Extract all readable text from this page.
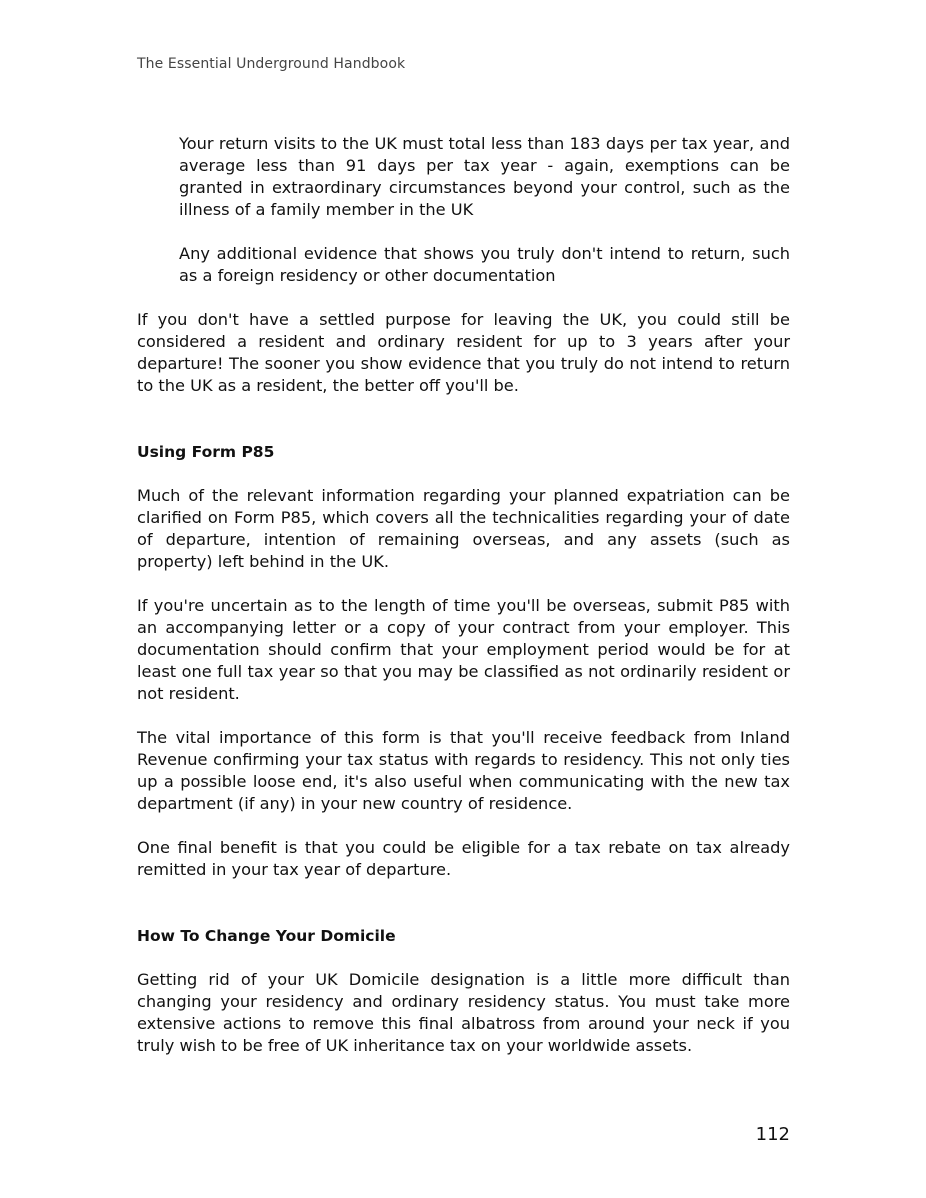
The Essential Underground Handbook

Your return visits to the UK must total less than 183 days per tax year, and average less than 91 days per tax year - again, exemptions can be granted in extraordinary circumstances beyond your control, such as the illness of a family member in the UK

Any additional evidence that shows you truly don't intend to return, such as a foreign residency or other documentation

If you don't have a settled purpose for leaving the UK, you could still be considered a resident and ordinary resident for up to 3 years after your departure! The sooner you show evidence that you truly do not intend to return to the UK as a resident, the better off you'll be.

Using Form P85

Much of the relevant information regarding your planned expatriation can be clarified on Form P85, which covers all the technicalities regarding your of date of departure, intention of remaining overseas, and any assets (such as property) left behind in the UK.

If you're uncertain as to the length of time you'll be overseas, submit P85 with an accompanying letter or a copy of your contract from your employer. This documentation should confirm that your employment period would be for at least one full tax year so that you may be classified as not ordinarily resident or not resident.

The vital importance of this form is that you'll receive feedback from Inland Revenue confirming your tax status with regards to residency. This not only ties up a possible loose end, it's also useful when communicating with the new tax department (if any) in your new country of residence.

One final benefit is that you could be eligible for a tax rebate on tax already remitted in your tax year of departure.

How To Change Your Domicile

Getting rid of your UK Domicile designation is a little more difficult than changing your residency and ordinary residency status. You must take more extensive actions to remove this final albatross from around your neck if you truly wish to be free of UK inheritance tax on your worldwide assets.

112
